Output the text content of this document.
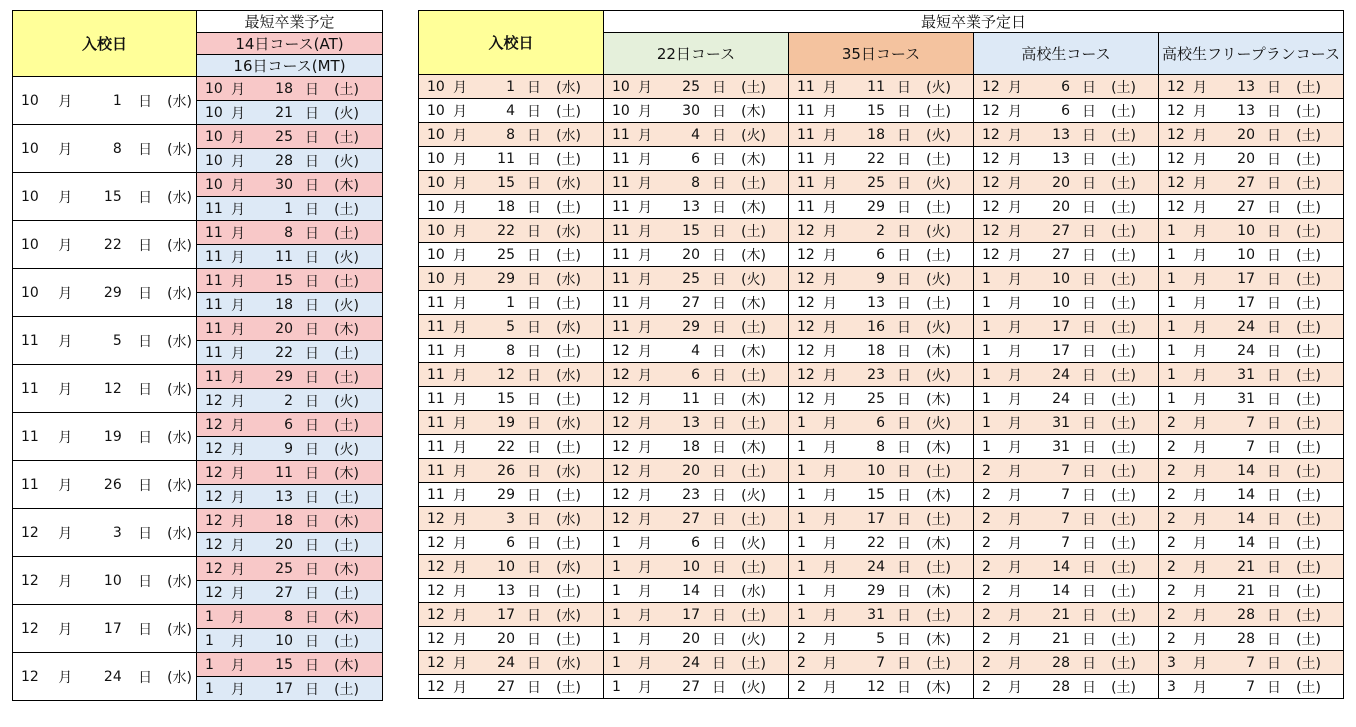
入校日	最短卒業予定
	14日コース(AT)
	16日コース(MT)

10 月 1 日 (水)	10 月 18 日 (土)

	10 月 21 日 (火)

10 月 8 日 (水)	10 月 25 日 (土)

	10 月 28 日 (火)

10 月 15 日 (水)	10 月 30 日 (木)

	11 月 1 日 (土)

10 月 22 日 (水)	11 月 8 日 (土)

	11 月 11 日 (火)

10 月 29 日 (水)	11 月 15 日 (土)

	11 月 18 日 (火)

11 月 5 日 (水)	11 月 20 日 (木)

	11 月 22 日 (土)

11 月 12 日 (水)	11 月 29 日 (土)

	12 月 2 日 (火)

11 月 19 日 (水)	12 月 6 日 (土)

	12 月 9 日 (火)

11 月 26 日 (水)	12 月 11 日 (木)

	12 月 13 日 (土)

12 月 3 日 (水)	12 月 18 日 (木)

	12 月 20 日 (土)

12 月 10 日 (水)	12 月 25 日 (木)

	12 月 27 日 (土)

12 月 17 日 (水)	1 月 8 日 (木)

	1 月 10 日 (土)

12 月 24 日 (水)	1 月 15 日 (木)

	1 月 17 日 (土)
入校日	最短卒業予定日			
	22日コース	35日コース	高校生コース	高校生フリープランコース

10 月 1 日 (水)	10 月 25 日 (土)	11 月 11 日 (火)	12 月 6 日 (土)	12 月 13 日 (土)

10 月 4 日 (土)	10 月 30 日 (木)	11 月 15 日 (土)	12 月 6 日 (土)	12 月 13 日 (土)

10 月 8 日 (水)	11 月 4 日 (火)	11 月 18 日 (火)	12 月 13 日 (土)	12 月 20 日 (土)

10 月 11 日 (土)	11 月 6 日 (木)	11 月 22 日 (土)	12 月 13 日 (土)	12 月 20 日 (土)

10 月 15 日 (水)	11 月 8 日 (土)	11 月 25 日 (火)	12 月 20 日 (土)	12 月 27 日 (土)

10 月 18 日 (土)	11 月 13 日 (木)	11 月 29 日 (土)	12 月 20 日 (土)	12 月 27 日 (土)

10 月 22 日 (水)	11 月 15 日 (土)	12 月 2 日 (火)	12 月 27 日 (土)	1 月 10 日 (土)

10 月 25 日 (土)	11 月 20 日 (木)	12 月 6 日 (土)	12 月 27 日 (土)	1 月 10 日 (土)

10 月 29 日 (水)	11 月 25 日 (火)	12 月 9 日 (火)	1 月 10 日 (土)	1 月 17 日 (土)

11 月 1 日 (土)	11 月 27 日 (木)	12 月 13 日 (土)	1 月 10 日 (土)	1 月 17 日 (土)

11 月 5 日 (水)	11 月 29 日 (土)	12 月 16 日 (火)	1 月 17 日 (土)	1 月 24 日 (土)

11 月 8 日 (土)	12 月 4 日 (木)	12 月 18 日 (木)	1 月 17 日 (土)	1 月 24 日 (土)

11 月 12 日 (水)	12 月 6 日 (土)	12 月 23 日 (火)	1 月 24 日 (土)	1 月 31 日 (土)

11 月 15 日 (土)	12 月 11 日 (木)	12 月 25 日 (木)	1 月 24 日 (土)	1 月 31 日 (土)

11 月 19 日 (水)	12 月 13 日 (土)	1 月 6 日 (火)	1 月 31 日 (土)	2 月 7 日 (土)

11 月 22 日 (土)	12 月 18 日 (木)	1 月 8 日 (木)	1 月 31 日 (土)	2 月 7 日 (土)

11 月 26 日 (水)	12 月 20 日 (土)	1 月 10 日 (土)	2 月 7 日 (土)	2 月 14 日 (土)

11 月 29 日 (土)	12 月 23 日 (火)	1 月 15 日 (木)	2 月 7 日 (土)	2 月 14 日 (土)

12 月 3 日 (水)	12 月 27 日 (土)	1 月 17 日 (土)	2 月 7 日 (土)	2 月 14 日 (土)

12 月 6 日 (土)	1 月 6 日 (火)	1 月 22 日 (木)	2 月 7 日 (土)	2 月 14 日 (土)

12 月 10 日 (水)	1 月 10 日 (土)	1 月 24 日 (土)	2 月 14 日 (土)	2 月 21 日 (土)

12 月 13 日 (土)	1 月 14 日 (水)	1 月 29 日 (木)	2 月 14 日 (土)	2 月 21 日 (土)

12 月 17 日 (水)	1 月 17 日 (土)	1 月 31 日 (土)	2 月 21 日 (土)	2 月 28 日 (土)

12 月 20 日 (土)	1 月 20 日 (火)	2 月 5 日 (木)	2 月 21 日 (土)	2 月 28 日 (土)

12 月 24 日 (水)	1 月 24 日 (土)	2 月 7 日 (土)	2 月 28 日 (土)	3 月 7 日 (土)

12 月 27 日 (土)	1 月 27 日 (火)	2 月 12 日 (木)	2 月 28 日 (土)	3 月 7 日 (土)
